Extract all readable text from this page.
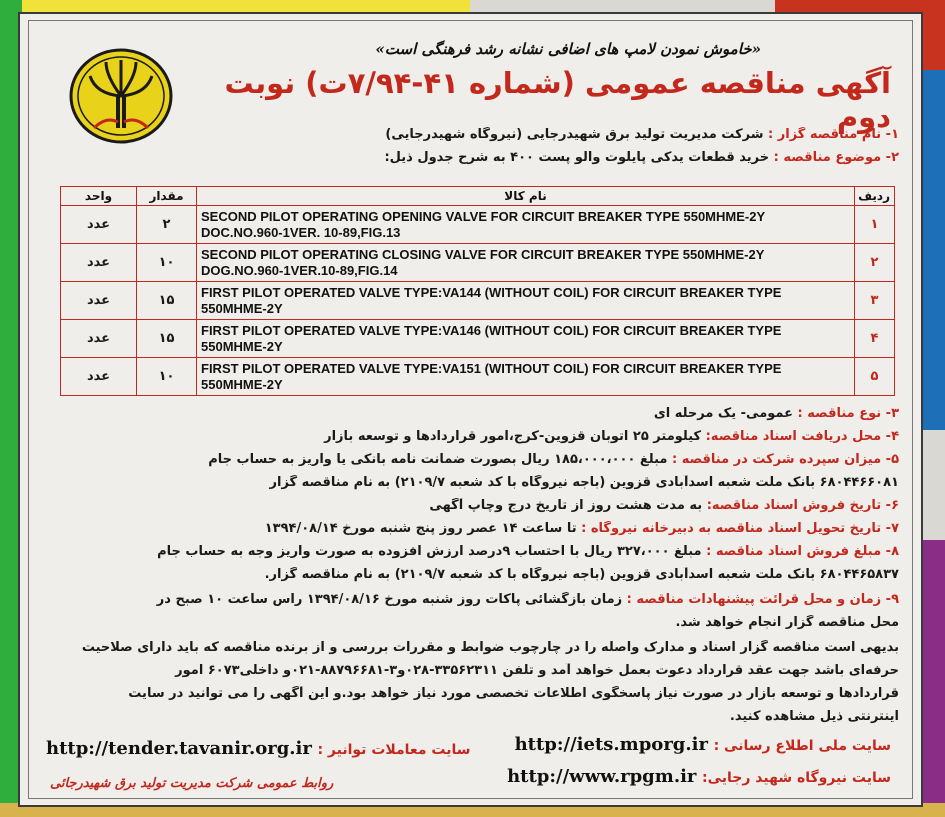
«خاموش نمودن لامپ های اضافی نشانه رشد فرهنگی است»
آگهی مناقصه عمومی (شماره ۴۱-۷/۹۴ت) نوبت دوم
۱- نام مناقصه گزار : شرکت مدیریت تولید برق شهیدرجایی (نیروگاه شهیدرجایی)
۲- موضوع مناقصه : خرید قطعات یدکی پایلوت والو پست ۴۰۰ به شرح جدول ذیل:
ردیف	نام کالا	مقدار	واحد
۱	SECOND PILOT OPERATING OPENING VALVE FOR CIRCUIT BREAKER TYPE 550MHME-2Y DOC.NO.960-1VER. 10-89,FIG.13	۲	عدد
۲	SECOND PILOT OPERATING CLOSING VALVE FOR CIRCUIT BREAKER TYPE 550MHME-2Y DOG.NO.960-1VER.10-89,FIG.14	۱۰	عدد
۳	FIRST PILOT OPERATED VALVE TYPE:VA144 (WITHOUT COIL) FOR CIRCUIT BREAKER TYPE 550MHME-2Y	۱۵	عدد
۴	FIRST PILOT OPERATED VALVE TYPE:VA146 (WITHOUT COIL) FOR CIRCUIT BREAKER TYPE 550MHME-2Y	۱۵	عدد
۵	FIRST PILOT OPERATED VALVE TYPE:VA151 (WITHOUT COIL) FOR CIRCUIT BREAKER TYPE 550MHME-2Y	۱۰	عدد
۳- نوع مناقصه : عمومی- یک مرحله ای
۴- محل دریافت اسناد مناقصه: کیلومتر ۲۵ اتوبان قزوین-کرج،امور قراردادها و توسعه بازار
۵- میزان سپرده شرکت در مناقصه : مبلغ ۱۸۵،۰۰۰،۰۰۰ ریال بصورت ضمانت نامه بانکی یا واریز به حساب جام
۶۸۰۴۴۶۶۰۸۱ بانک ملت شعبه اسدآبادی قزوین (باجه نیروگاه با کد شعبه ۲۱۰۹/۷) به نام مناقصه گزار
۶- تاریخ فروش اسناد مناقصه: به مدت هشت روز از تاریخ درج وچاپ آگهی
۷- تاریخ تحویل اسناد مناقصه به دبیرخانه نیروگاه : تا ساعت ۱۴ عصر روز پنج شنبه مورخ ۱۳۹۴/۰۸/۱۴
۸- مبلغ فروش اسناد مناقصه : مبلغ ۳۲۷،۰۰۰ ریال با احتساب ۹درصد ارزش افزوده به صورت واریز وجه به حساب جام
۶۸۰۴۴۶۵۸۳۷ بانک ملت شعبه اسدآبادی قزوین (باجه نیروگاه با کد شعبه ۲۱۰۹/۷) به نام مناقصه گزار.
۹- زمان و محل قرائت پیشنهادات مناقصه : زمان بازگشائی پاکات روز شنبه مورخ ۱۳۹۴/۰۸/۱۶ راس ساعت ۱۰ صبح در
محل مناقصه گزار انجام خواهد شد.
بدیهی است مناقصه گزار اسناد و مدارک واصله را در چارچوب ضوابط و مقررات بررسی و از برنده مناقصه که باید دارای صلاحیت
حرفه‌ای باشد جهت عقد قرارداد دعوت بعمل خواهد آمد و تلفن ۳۳۵۶۲۳۱۱-۰۲۸و۳-۸۸۷۹۶۶۸۱-۰۲۱و داخلی۶۰۷۳ امور
قراردادها و توسعه بازار در صورت نیاز پاسخگوی اطلاعات تخصصی مورد نیاز خواهد بود.و این آگهی را می توانید در سایت
اینترنتی ذیل مشاهده کنید.
سایت ملی اطلاع رسانی : http://iets.mporg.ir
سایت نیروگاه شهید رجایی: http://www.rpgm.ir
سایت معاملات توانیر : http://tender.tavanir.org.ir
روابط عمومی شرکت مدیریت تولید برق شهیدرجائی
